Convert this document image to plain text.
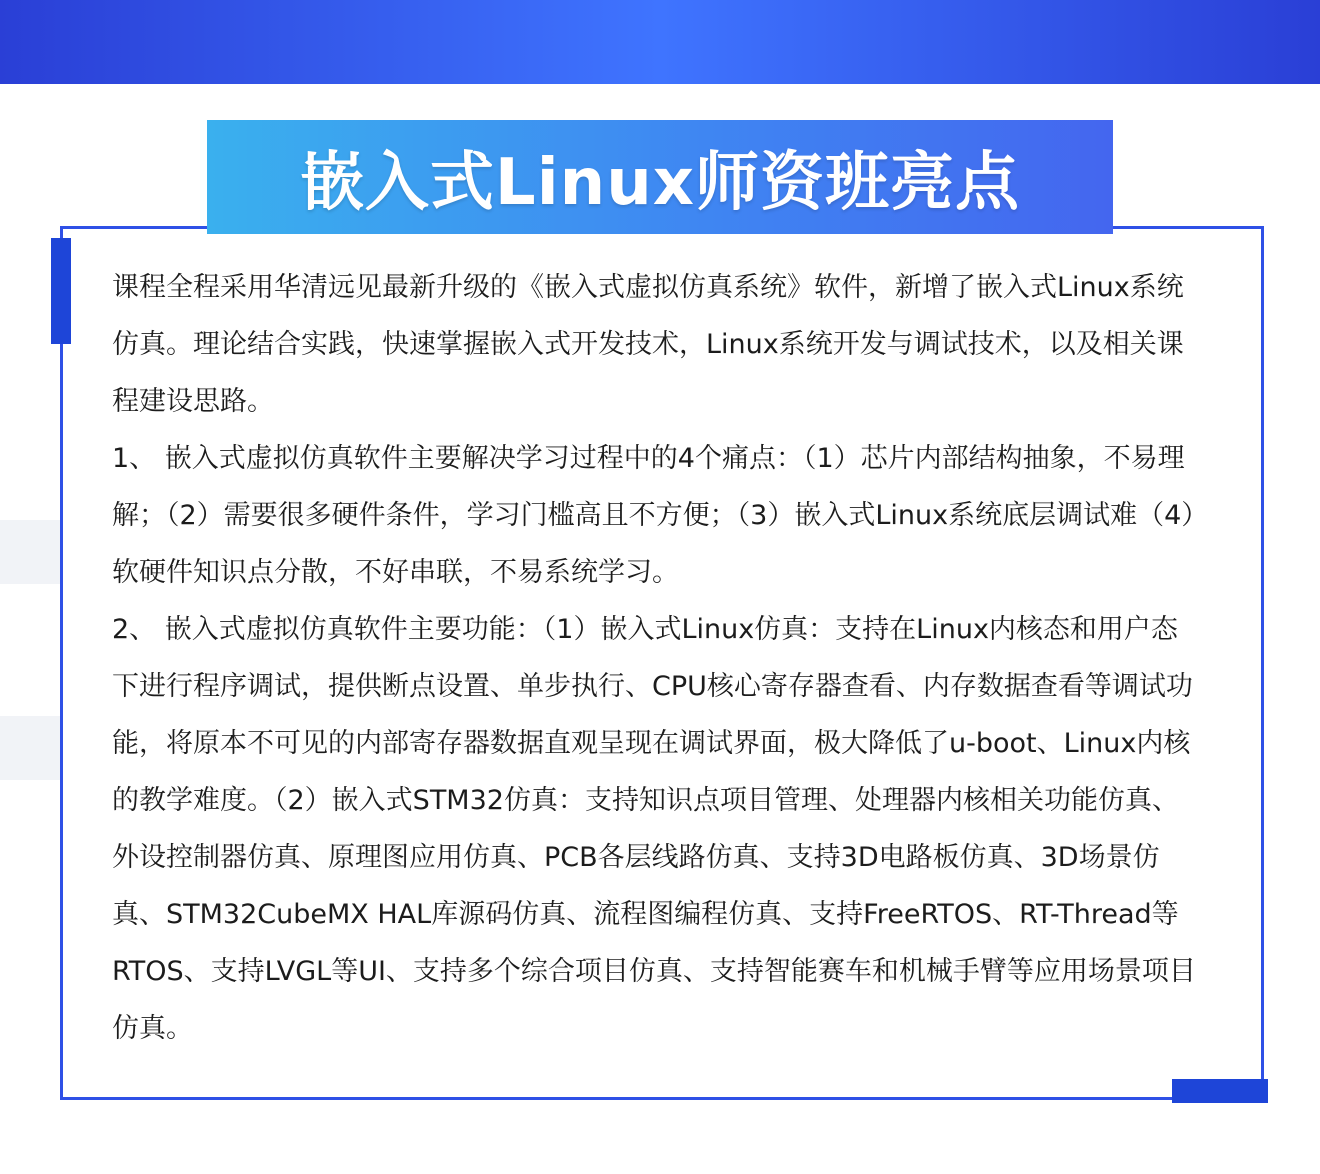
嵌入式Linux师资班亮点

课程全程采用华清远见最新升级的《嵌入式虚拟仿真系统》软件，新增了嵌入式Linux系统仿真。理论结合实践，快速掌握嵌入式开发技术，Linux系统开发与调试技术，以及相关课程建设思路。

1、 嵌入式虚拟仿真软件主要解决学习过程中的4个痛点：（1）芯片内部结构抽象，不易理解；（2）需要很多硬件条件，学习门槛高且不方便；（3）嵌入式Linux系统底层调试难（4）软硬件知识点分散，不好串联，不易系统学习。

2、 嵌入式虚拟仿真软件主要功能：（1）嵌入式Linux仿真：支持在Linux内核态和用户态下进行程序调试，提供断点设置、单步执行、CPU核心寄存器查看、内存数据查看等调试功能，将原本不可见的内部寄存器数据直观呈现在调试界面，极大降低了u-boot、Linux内核的教学难度。（2）嵌入式STM32仿真：支持知识点项目管理、处理器内核相关功能仿真、外设控制器仿真、原理图应用仿真、PCB各层线路仿真、支持3D电路板仿真、3D场景仿真、STM32CubeMX HAL库源码仿真、流程图编程仿真、支持FreeRTOS、RT-Thread等RTOS、支持LVGL等UI、支持多个综合项目仿真、支持智能赛车和机械手臂等应用场景项目仿真。
